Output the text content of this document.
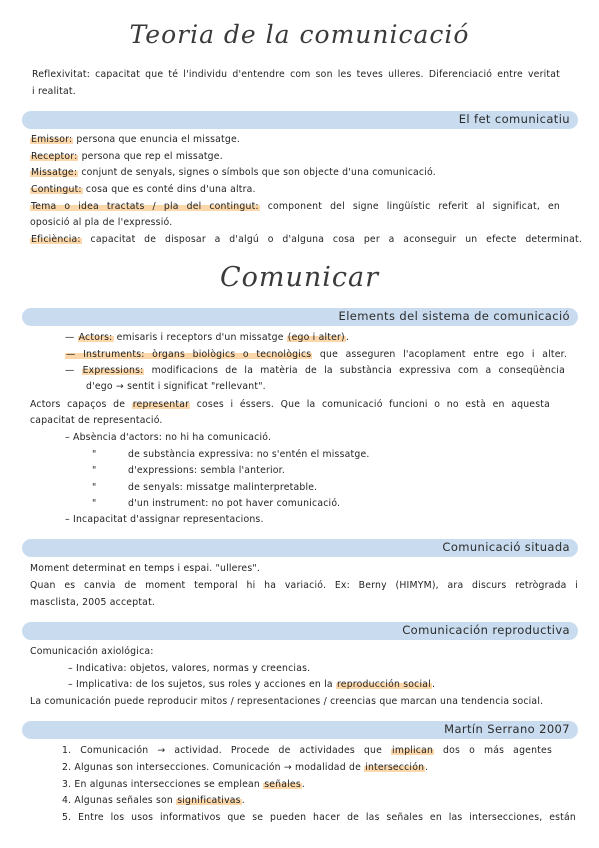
Teoria de la comunicació
Reflexivitat: capacitat que té l'individu d'entendre com son les teves ulleres. Diferenciació entre veritat
i realitat.
El fet comunicatiu
Emissor: persona que enuncia el missatge.
Receptor: persona que rep el missatge.
Missatge: conjunt de senyals, signes o símbols que son objecte d'una comunicació.
Contingut: cosa que es conté dins d'una altra.
Tema o idea tractats / pla del contingut: component del signe lingüístic referit al significat, en
oposició al pla de l'expressió.
Eficiència: capacitat de disposar a d'algú o d'alguna cosa per a aconseguir un efecte determinat.
Comunicar
Elements del sistema de comunicació
— Actors: emisaris i receptors d'un missatge (ego i alter).
— Instruments: òrgans biològics o tecnològics que asseguren l'acoplament entre ego i alter.
— Expressions: modificacions de la matèria de la substància expressiva com a conseqüència
d'ego → sentit i significat "rellevant".
Actors capaços de representar coses i éssers. Que la comunicació funcioni o no està en aquesta
capacitat de representació.
– Absència d'actors: no hi ha comunicació.
"	de substància expressiva: no s'entén el missatge.
"	d'expressions: sembla l'anterior.
"	de senyals: missatge malinterpretable.
"	d'un instrument: no pot haver comunicació.
– Incapacitat d'assignar representacions.
Comunicació situada
Moment determinat en temps i espai. "ulleres".
Quan es canvia de moment temporal hi ha variació. Ex: Berny (HIMYM), ara discurs retrògrada i
masclista, 2005 acceptat.
Comunicación reproductiva
Comunicación axiológica:
– Indicativa: objetos, valores, normas y creencias.
– Implicativa: de los sujetos, sus roles y acciones en la reproducción social.
La comunicación puede reproducir mitos / representaciones / creencias que marcan una tendencia social.
Martín Serrano 2007
1. Comunicación → actividad. Procede de actividades que implican dos o más agentes
2. Algunas son intersecciones. Comunicación → modalidad de intersección.
3. En algunas intersecciones se emplean señales.
4. Algunas señales son significativas.
5. Entre los usos informativos que se pueden hacer de las señales en las intersecciones, están
